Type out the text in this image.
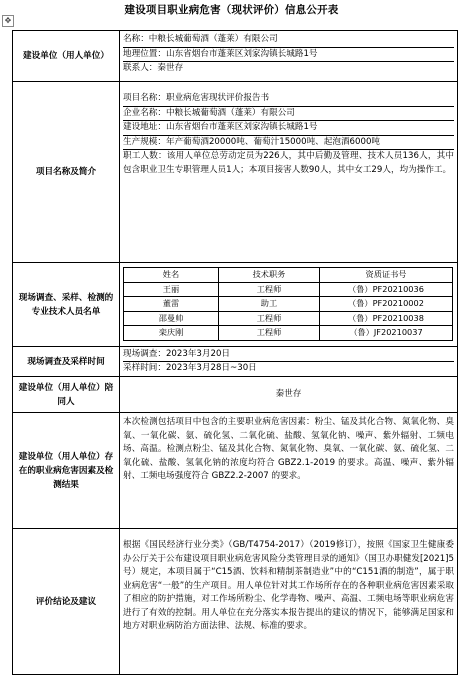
建设项目职业病危害（现状评价）信息公开表
✥
建设单位（用人单位）

名称：中粮长城葡萄酒（蓬莱）有限公司

地理位置：山东省烟台市蓬莱区刘家沟镇长城路1号

联系人：秦世存

项目名称及简介

项目名称：职业病危害现状评价报告书

企业名称：中粮长城葡萄酒（蓬莱）有限公司

建设地址：山东省烟台市蓬莱区刘家沟镇长城路1号

生产规模：年产葡萄酒20000吨、葡萄汁15000吨、起泡酒6000吨

职工人数：该用人单位总劳动定员为226人，其中后勤及管理、技术人员136人，其中包含职业卫生专职管理人员1人；本项目接害人数90人，其中女工29人，均为操作工。

现场调查、采样、检测的专业技术人员名单
姓名	技术职务	资质证书号
王丽	工程师	（鲁）PF20210036
董雷	助工	（鲁）PF20210002
邵曼帅	工程师	（鲁）PF20210038
栾庆刚	工程师	（鲁）JF20210037
现场调查及采样时间

现场调查：2023年3月20日

采样时间：2023年3月28日~30日

建设单位（用人单位）陪同人
秦世存
建设单位（用人单位）存在的职业病危害因素及检测结果

本次检测包括项目中包含的主要职业病危害因素：粉尘、锰及其化合物、氮氧化物、臭氧、一氧化碳、氨、硫化氢、二氧化硫、盐酸、氢氧化钠、噪声、紫外辐射、工频电场、高温。检测点粉尘、锰及其化合物、氮氧化物、臭氧、一氧化碳、氨、硫化氢、二氧化硫、盐酸、氢氧化钠的浓度均符合 GBZ2.1-2019 的要求。高温、噪声、紫外辐射、工频电场强度符合 GBZ2.2-2007 的要求。

评价结论及建议

根据《国民经济行业分类》（GB/T4754-2017）（2019修订），按照《国家卫生健康委办公厅关于公布建设项目职业病危害风险分类管理目录的通知》（国卫办职健发[2021]5号）规定，本项目属于“C15酒、饮料和精制茶制造业”中的“C151酒的制造”，属于职业病危害“一般”的生产项目。用人单位针对其工作场所存在的各种职业病危害因素采取了相应的防护措施，对工作场所粉尘、化学毒物、噪声、高温、工频电场等职业病危害进行了有效的控制。用人单位在充分落实本报告提出的建议的情况下，能够满足国家和地方对职业病防治方面法律、法规、标准的要求。
